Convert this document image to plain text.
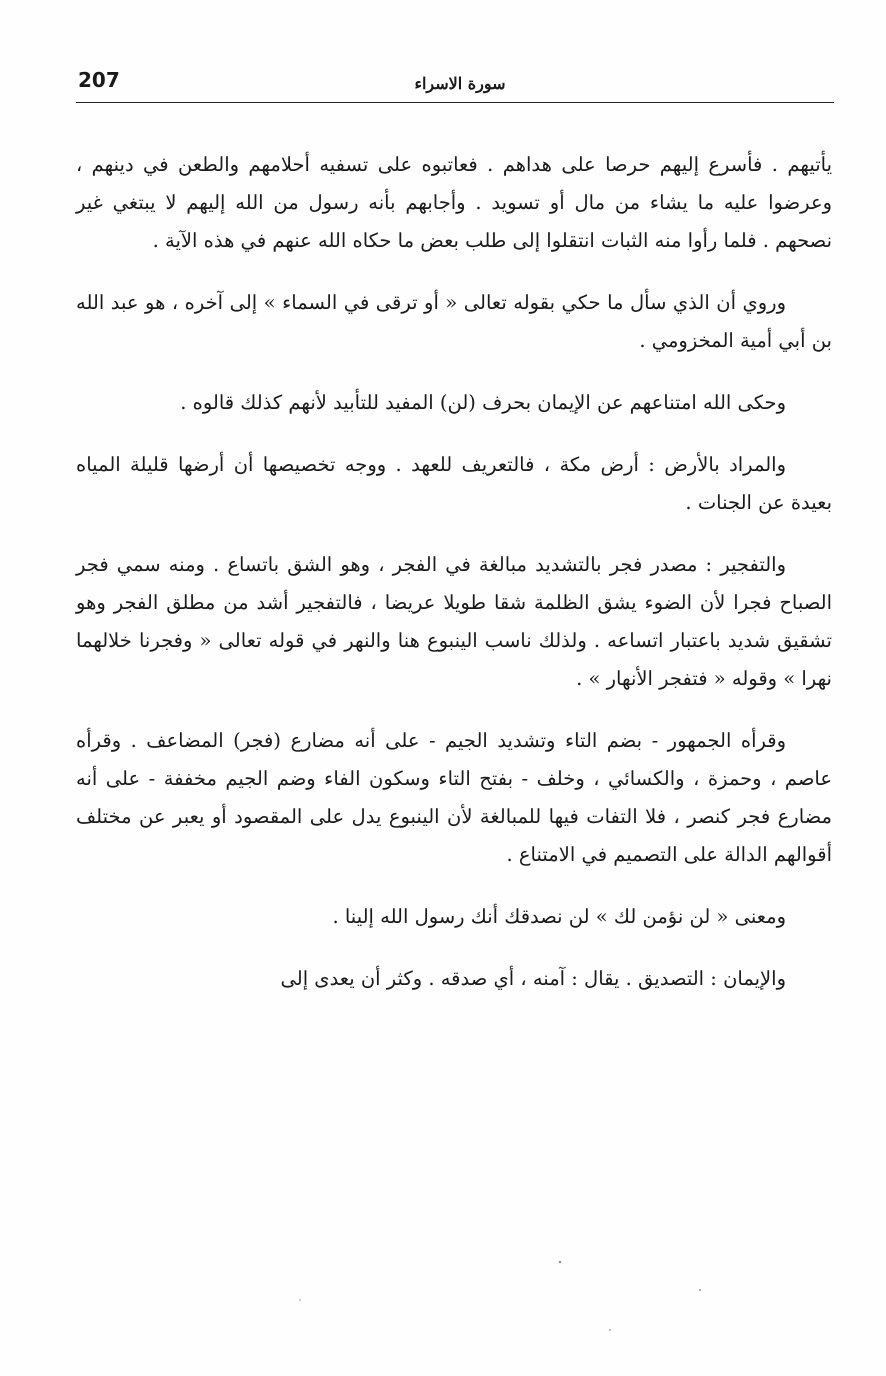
207	سورة الاسراء

يأتيهم . فأسرع إليهم حرصا على هداهم . فعاتبوه على تسفيه أحلامهم والطعن في دينهم ، وعرضوا عليه ما يشاء من مال أو تسويد . وأجابهم بأنه رسول من الله إليهم لا يبتغي غير نصحهم . فلما رأوا منه الثبات انتقلوا إلى طلب بعض ما حكاه الله عنهم في هذه الآية .

وروي أن الذي سأل ما حكي بقوله تعالى « أو ترقى في السماء » إلى آخره ، هو عبد الله بن أبي أمية المخزومي .

وحكى الله امتناعهم عن الإيمان بحرف (لن) المفيد للتأبيد لأنهم كذلك قالوه .

والمراد بالأرض : أرض مكة ، فالتعريف للعهد . ووجه تخصيصها أن أرضها قليلة المياه بعيدة عن الجنات .

والتفجير : مصدر فجر بالتشديد مبالغة في الفجر ، وهو الشق باتساع . ومنه سمي فجر الصباح فجرا لأن الضوء يشق الظلمة شقا طويلا عريضا ، فالتفجير أشد من مطلق الفجر وهو تشقيق شديد باعتبار اتساعه . ولذلك ناسب الينبوع هنا والنهر في قوله تعالى « وفجرنا خلالهما نهرا » وقوله « فتفجر الأنهار » .

وقرأه الجمهور - بضم التاء وتشديد الجيم - على أنه مضارع (فجر) المضاعف . وقرأه عاصم ، وحمزة ، والكسائي ، وخلف - بفتح التاء وسكون الفاء وضم الجيم مخففة - على أنه مضارع فجر كنصر ، فلا التفات فيها للمبالغة لأن الينبوع يدل على المقصود أو يعبر عن مختلف أقوالهم الدالة على التصميم في الامتناع .

ومعنى « لن نؤمن لك » لن نصدقك أنك رسول الله إلينا .

والإيمان : التصديق . يقال : آمنه ، أي صدقه . وكثر أن يعدى إلى
